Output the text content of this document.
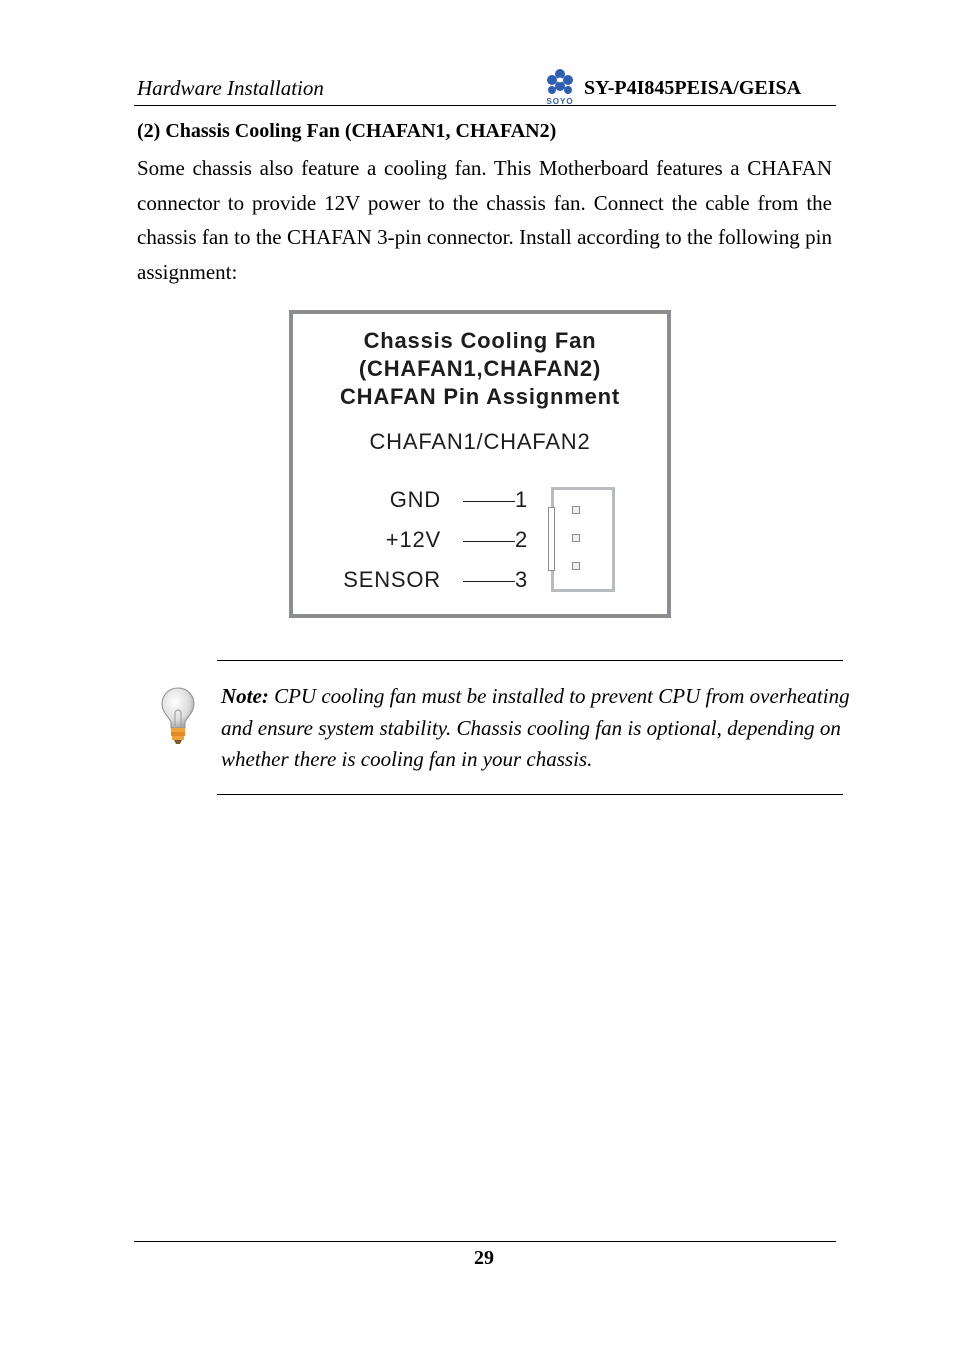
Hardware Installation
SOYO
SY-P4I845PEISA/GEISA
(2) Chassis Cooling Fan (CHAFAN1, CHAFAN2)
Some chassis also feature a cooling fan. This Motherboard features a CHAFAN connector to provide 12V power to the chassis fan. Connect the cable from the chassis fan to the CHAFAN 3-pin connector. Install according to the following pin assignment:
Chassis Cooling Fan
(CHAFAN1,CHAFAN2)
CHAFAN Pin Assignment
CHAFAN1/CHAFAN2
GND	1
+12V	2
SENSOR	3
Note: CPU cooling fan must be installed to prevent CPU from overheating and ensure system stability. Chassis cooling fan is optional, depending on whether there is cooling fan in your chassis.
29
